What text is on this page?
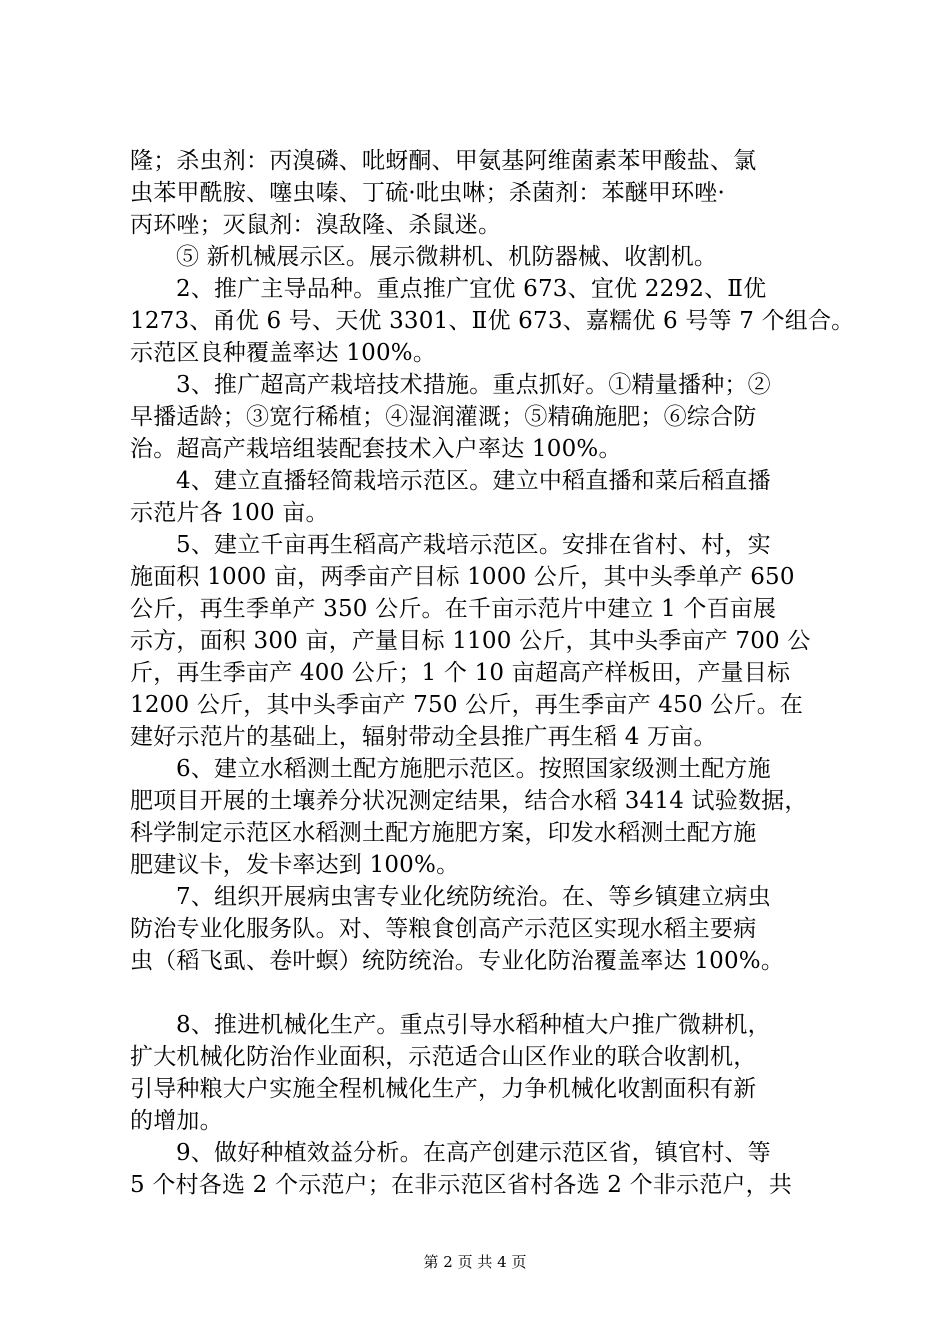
隆；杀虫剂：丙溴磷、吡蚜酮、甲氨基阿维菌素苯甲酸盐、氯
虫苯甲酰胺、噻虫嗪、丁硫·吡虫啉；杀菌剂：苯醚甲环唑·
丙环唑；灭鼠剂：溴敌隆、杀鼠迷。
⑤ 新机械展示区。展示微耕机、机防器械、收割机。
2、推广主导品种。重点推广宜优 673、宜优 2292、Ⅱ优
1273、甬优 6 号、天优 3301、Ⅱ优 673、嘉糯优 6 号等 7 个组合。
示范区良种覆盖率达 100%。
3、推广超高产栽培技术措施。重点抓好。①精量播种；②
早播适龄；③宽行稀植；④湿润灌溉；⑤精确施肥；⑥综合防
治。超高产栽培组装配套技术入户率达 100%。
4、建立直播轻简栽培示范区。建立中稻直播和菜后稻直播
示范片各 100 亩。
5、建立千亩再生稻高产栽培示范区。安排在省村、村，实
施面积 1000 亩，两季亩产目标 1000 公斤，其中头季单产 650
公斤，再生季单产 350 公斤。在千亩示范片中建立 1 个百亩展
示方，面积 300 亩，产量目标 1100 公斤，其中头季亩产 700 公
斤，再生季亩产 400 公斤；1 个 10 亩超高产样板田，产量目标
1200 公斤，其中头季亩产 750 公斤，再生季亩产 450 公斤。在
建好示范片的基础上，辐射带动全县推广再生稻 4 万亩。
6、建立水稻测土配方施肥示范区。按照国家级测土配方施
肥项目开展的土壤养分状况测定结果，结合水稻 3414 试验数据，
科学制定示范区水稻测土配方施肥方案，印发水稻测土配方施
肥建议卡，发卡率达到 100%。
7、组织开展病虫害专业化统防统治。在、等乡镇建立病虫
防治专业化服务队。对、等粮食创高产示范区实现水稻主要病
虫（稻飞虱、卷叶螟）统防统治。专业化防治覆盖率达 100%。
8、推进机械化生产。重点引导水稻种植大户推广微耕机，
扩大机械化防治作业面积，示范适合山区作业的联合收割机，
引导种粮大户实施全程机械化生产，力争机械化收割面积有新
的增加。
9、做好种植效益分析。在高产创建示范区省，镇官村、等
5 个村各选 2 个示范户；在非示范区省村各选 2 个非示范户，共
第 2 页 共 4 页
